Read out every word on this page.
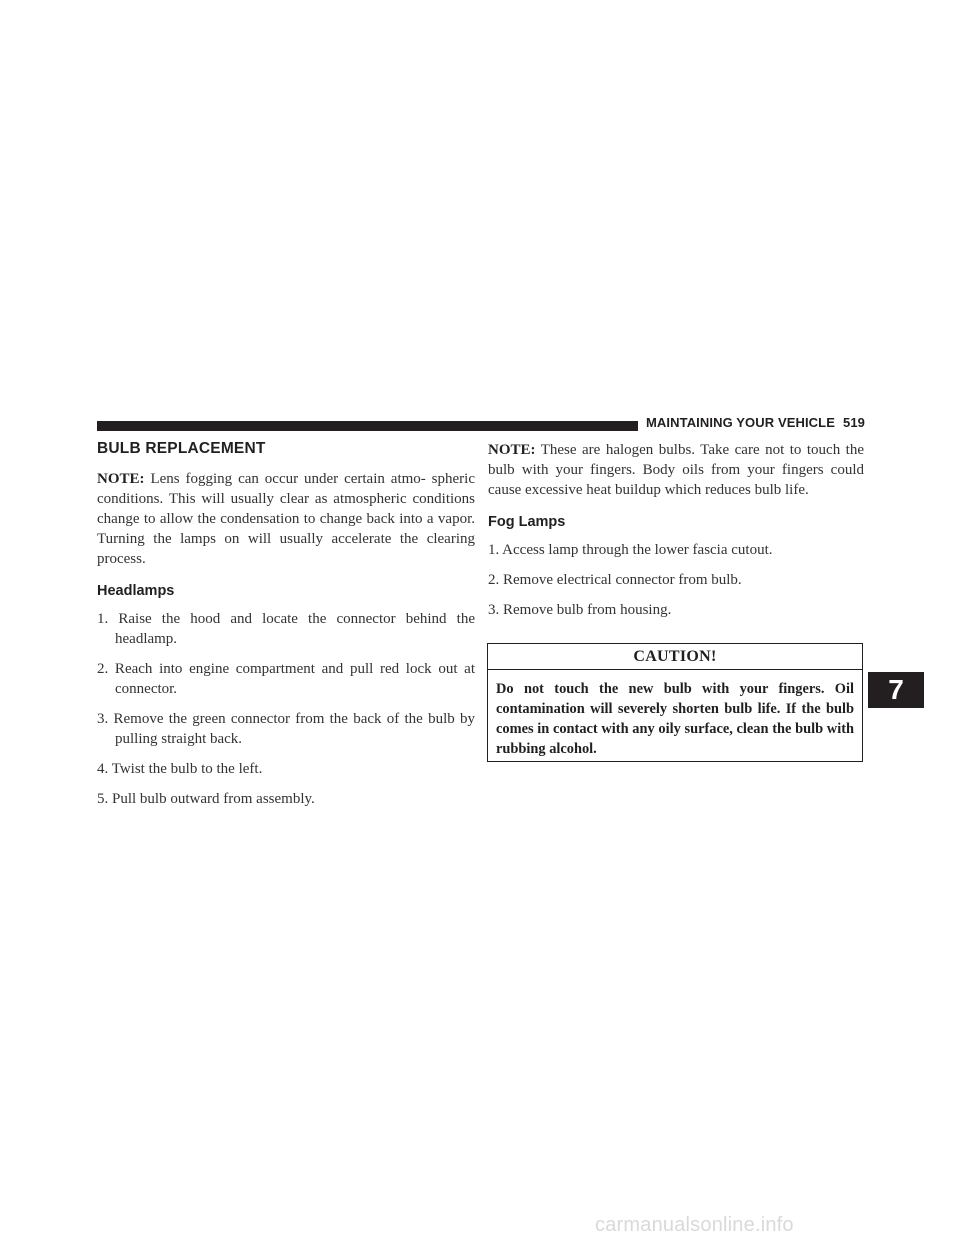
MAINTAINING YOUR VEHICLE 519
BULB REPLACEMENT

NOTE: Lens fogging can occur under certain atmo- spheric conditions. This will usually clear as atmospheric conditions change to allow the condensation to change back into a vapor. Turning the lamps on will usually accelerate the clearing process.

Headlamps
1. Raise the hood and locate the connector behind the headlamp.
2. Reach into engine compartment and pull red lock out at connector.
3. Remove the green connector from the back of the bulb by pulling straight back.
4. Twist the bulb to the left.
5. Pull bulb outward from assembly.

NOTE: These are halogen bulbs. Take care not to touch the bulb with your fingers. Body oils from your fingers could cause excessive heat buildup which reduces bulb life.

Fog Lamps
1. Access lamp through the lower fascia cutout.
2. Remove electrical connector from bulb.
3. Remove bulb from housing.
CAUTION!
Do not touch the new bulb with your fingers. Oil contamination will severely shorten bulb life. If the bulb comes in contact with any oily surface, clean the bulb with rubbing alcohol.
7
carmanualsonline.info
